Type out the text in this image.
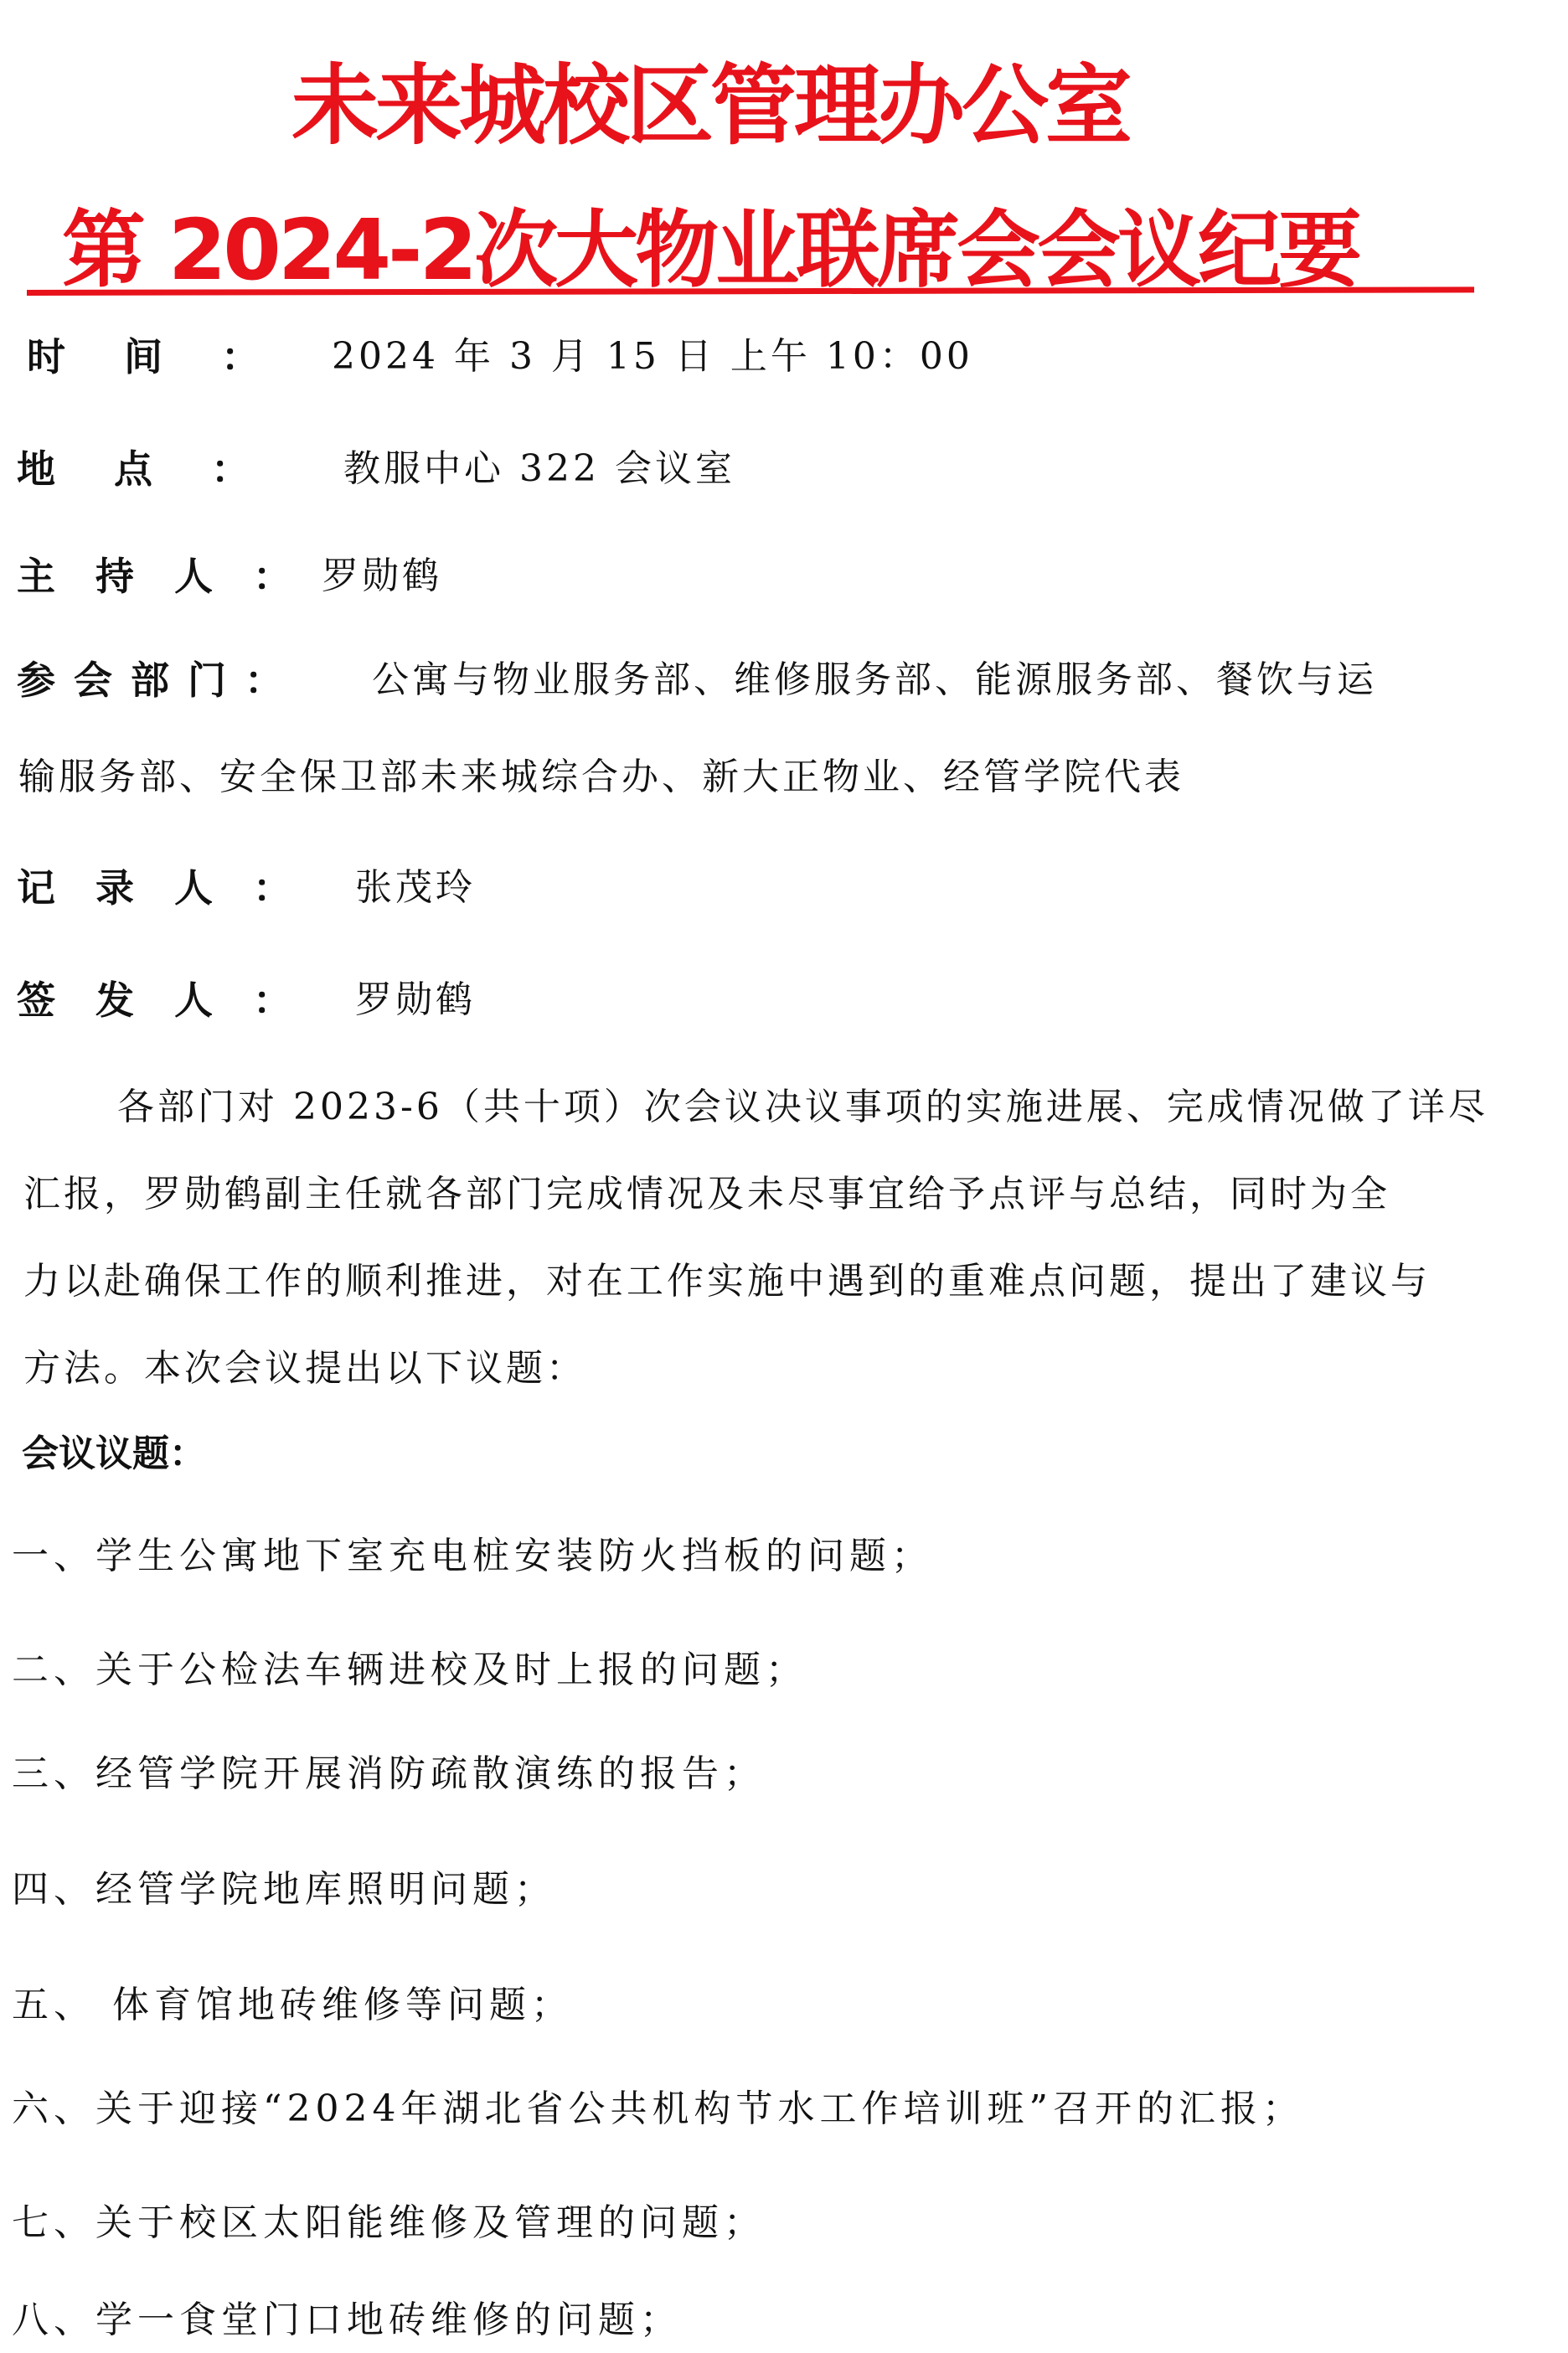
未来城校区管理办公室
第 2024-2次大物业联席会会议纪要
时间： 2024 年 3 月 15 日 上午 10：00
地点： 教服中心 322 会议室
主持人：
罗勋鹤
参会部门： 公寓与物业服务部、维修服务部、能源服务部、餐饮与运
输服务部、安全保卫部未来城综合办、新大正物业、经管学院代表
记录人： 张茂玲
签发人： 罗勋鹤
各部门对 2023-6（共十项）次会议决议事项的实施进展、完成情况做了详尽
汇报，罗勋鹤副主任就各部门完成情况及未尽事宜给予点评与总结，同时为全
力以赴确保工作的顺利推进，对在工作实施中遇到的重难点问题，提出了建议与
方法。本次会议提出以下议题：
会议议题：
一、学生公寓地下室充电桩安装防火挡板的问题；
二、关于公检法车辆进校及时上报的问题；
三、经管学院开展消防疏散演练的报告；
四、经管学院地库照明问题；
五、 体育馆地砖维修等问题；
六、关于迎接“2024年湖北省公共机构节水工作培训班”召开的汇报；
七、关于校区太阳能维修及管理的问题；
八、学一食堂门口地砖维修的问题；
